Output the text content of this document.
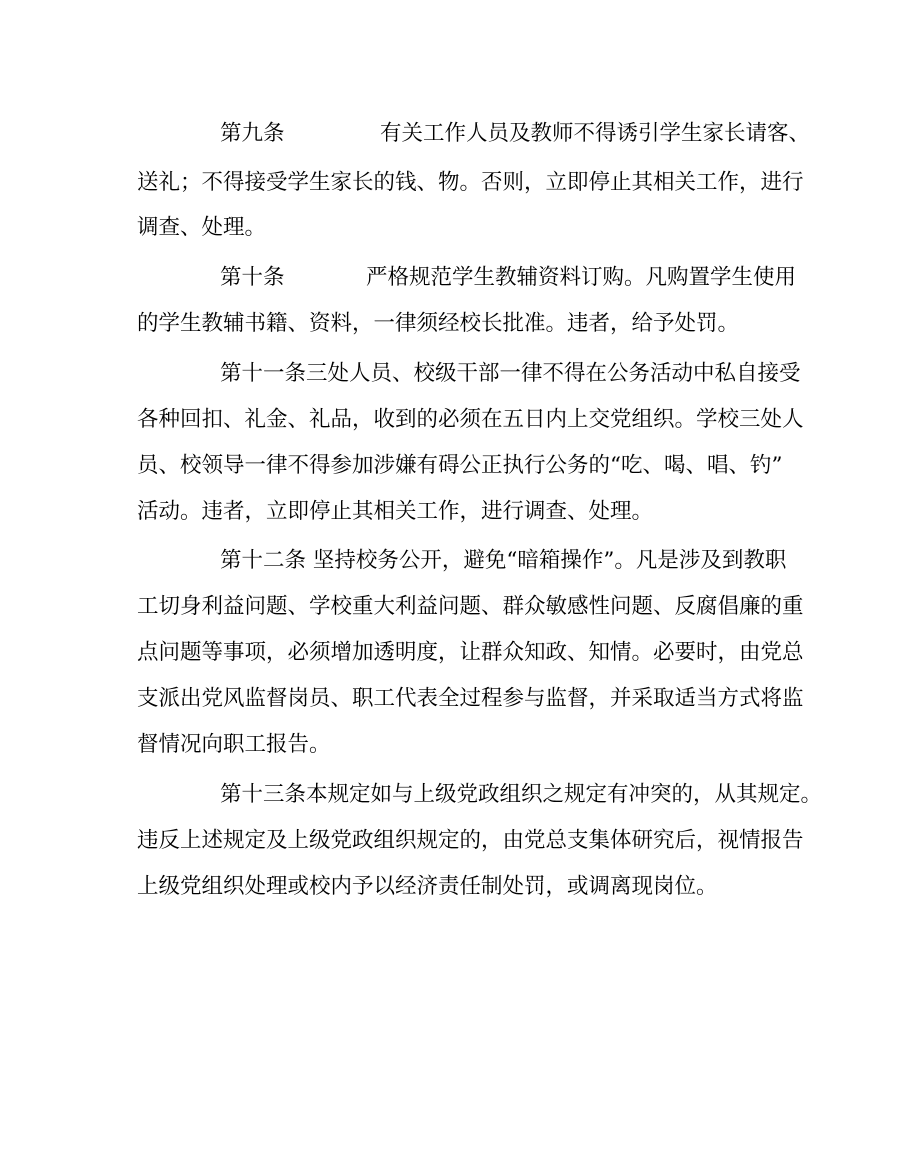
第九条	有关工作人员及教师不得诱引学生家长请客、
送礼；不得接受学生家长的钱、物。否则，立即停止其相关工作，进行
调查、处理。
第十条	严格规范学生教辅资料订购。凡购置学生使用
的学生教辅书籍、资料，一律须经校长批准。违者，给予处罚。
第十一条三处人员、校级干部一律不得在公务活动中私自接受
各种回扣、礼金、礼品，收到的必须在五日内上交党组织。学校三处人
员、校领导一律不得参加涉嫌有碍公正执行公务的“吃、喝、唱、钓”
活动。违者，立即停止其相关工作，进行调查、处理。
第十二条 坚持校务公开，避免“暗箱操作”。凡是涉及到教职
工切身利益问题、学校重大利益问题、群众敏感性问题、反腐倡廉的重
点问题等事项，必须增加透明度，让群众知政、知情。必要时，由党总
支派出党风监督岗员、职工代表全过程参与监督，并采取适当方式将监
督情况向职工报告。
第十三条本规定如与上级党政组织之规定有冲突的，从其规定。
违反上述规定及上级党政组织规定的，由党总支集体研究后，视情报告
上级党组织处理或校内予以经济责任制处罚，或调离现岗位。
